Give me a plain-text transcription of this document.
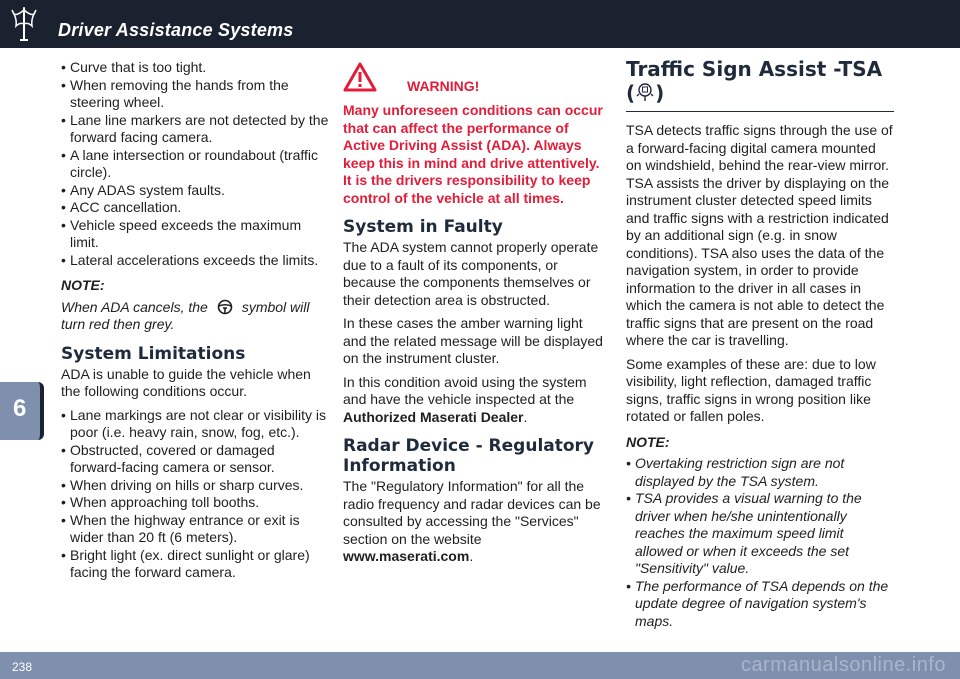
Driver Assistance Systems
6
• Curve that is too tight.
• When removing the hands from the steering wheel.
• Lane line markers are not detected by the forward facing camera.
• A lane intersection or roundabout (traffic circle).
• Any ADAS system faults.
• ACC cancellation.
• Vehicle speed exceeds the maximum limit.
• Lateral accelerations exceeds the limits.
NOTE:

When ADA cancels, the symbol will turn red then grey.

System Limitations

ADA is unable to guide the vehicle when the following conditions occur.

• Lane markings are not clear or visibility is poor (i.e. heavy rain, snow, fog, etc.).
• Obstructed, covered or damaged forward-facing camera or sensor.
• When driving on hills or sharp curves.
• When approaching toll booths.
• When the highway entrance or exit is wider than 20 ft (6 meters).
• Bright light (ex. direct sunlight or glare) facing the forward camera.
WARNING!

Many unforeseen conditions can occur that can affect the performance of Active Driving Assist (ADA). Always keep this in mind and drive attentively. It is the drivers responsibility to keep control of the vehicle at all times.

System in Faulty

The ADA system cannot properly operate due to a fault of its components, or because the components themselves or their detection area is obstructed.

In these cases the amber warning light and the related message will be displayed on the instrument cluster.

In this condition avoid using the system and have the vehicle inspected at the Authorized Maserati Dealer.

Radar Device - Regulatory Information

The "Regulatory Information" for all the radio frequency and radar devices can be consulted by accessing the "Services" section on the website www.maserati.com.

Traffic Sign Assist -TSA ( )

TSA detects traffic signs through the use of a forward-facing digital camera mounted on windshield, behind the rear-view mirror. TSA assists the driver by displaying on the instrument cluster detected speed limits and traffic signs with a restriction indicated by an additional sign (e.g. in snow conditions). TSA also uses the data of the navigation system, in order to provide information to the driver in all cases in which the camera is not able to detect the traffic signs that are present on the road where the car is travelling.

Some examples of these are: due to low visibility, light reflection, damaged traffic signs, traffic signs in wrong position like rotated or fallen poles.

NOTE:
• Overtaking restriction sign are not displayed by the TSA system.
• TSA provides a visual warning to the driver when he/she unintentionally reaches the maximum speed limit allowed or when it exceeds the set "Sensitivity" value.
• The performance of TSA depends on the update degree of navigation system's maps.
238	carmanualsonline.info
